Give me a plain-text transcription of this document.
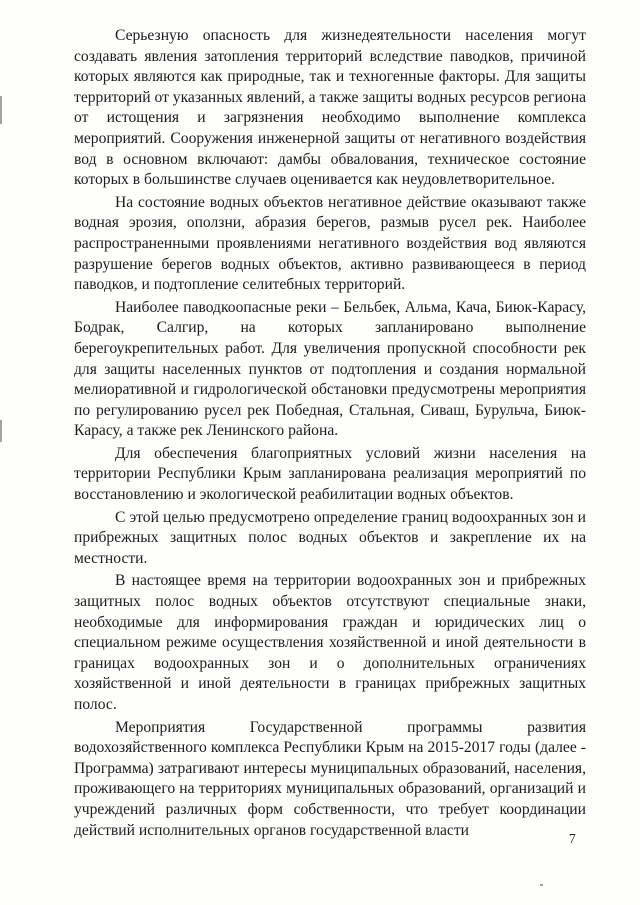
Серьезную опасность для жизнедеятельности населения могут создавать явления затопления территорий вследствие паводков, причиной которых являются как природные, так и техногенные факторы. Для защиты территорий от указанных явлений, а также защиты водных ресурсов региона от истощения и загрязнения необходимо выполнение комплекса мероприятий. Сооружения инженерной защиты от негативного воздействия вод в основном включают: дамбы обвалования, техническое состояние которых в большинстве случаев оценивается как неудовлетворительное.

На состояние водных объектов негативное действие оказывают также водная эрозия, оползни, абразия берегов, размыв русел рек. Наиболее распространенными проявлениями негативного воздействия вод являются разрушение берегов водных объектов, активно развивающееся в период паводков, и подтопление селитебных территорий.

Наиболее паводкоопасные реки – Бельбек, Альма, Кача, Биюк-Карасу, Бодрак, Салгир, на которых запланировано выполнение берегоукрепительных работ. Для увеличения пропускной способности рек для защиты населенных пунктов от подтопления и создания нормальной мелиоративной и гидрологической обстановки предусмотрены мероприятия по регулированию русел рек Победная, Стальная, Сиваш, Бурульча, Биюк-Карасу, а также рек Ленинского района.

Для обеспечения благоприятных условий жизни населения на территории Республики Крым запланирована реализация мероприятий по восстановлению и экологической реабилитации водных объектов.

С этой целью предусмотрено определение границ водоохранных зон и прибрежных защитных полос водных объектов и закрепление их на местности.

В настоящее время на территории водоохранных зон и прибрежных защитных полос водных объектов отсутствуют специальные знаки, необходимые для информирования граждан и юридических лиц о специальном режиме осуществления хозяйственной и иной деятельности в границах водоохранных зон и о дополнительных ограничениях хозяйственной и иной деятельности в границах прибрежных защитных полос.

Мероприятия Государственной программы развития водохозяйственного комплекса Республики Крым на 2015-2017 годы (далее - Программа) затрагивают интересы муниципальных образований, населения, проживающего на территориях муниципальных образований, организаций и учреждений различных форм собственности, что требует координации действий исполнительных органов государственной власти	7
